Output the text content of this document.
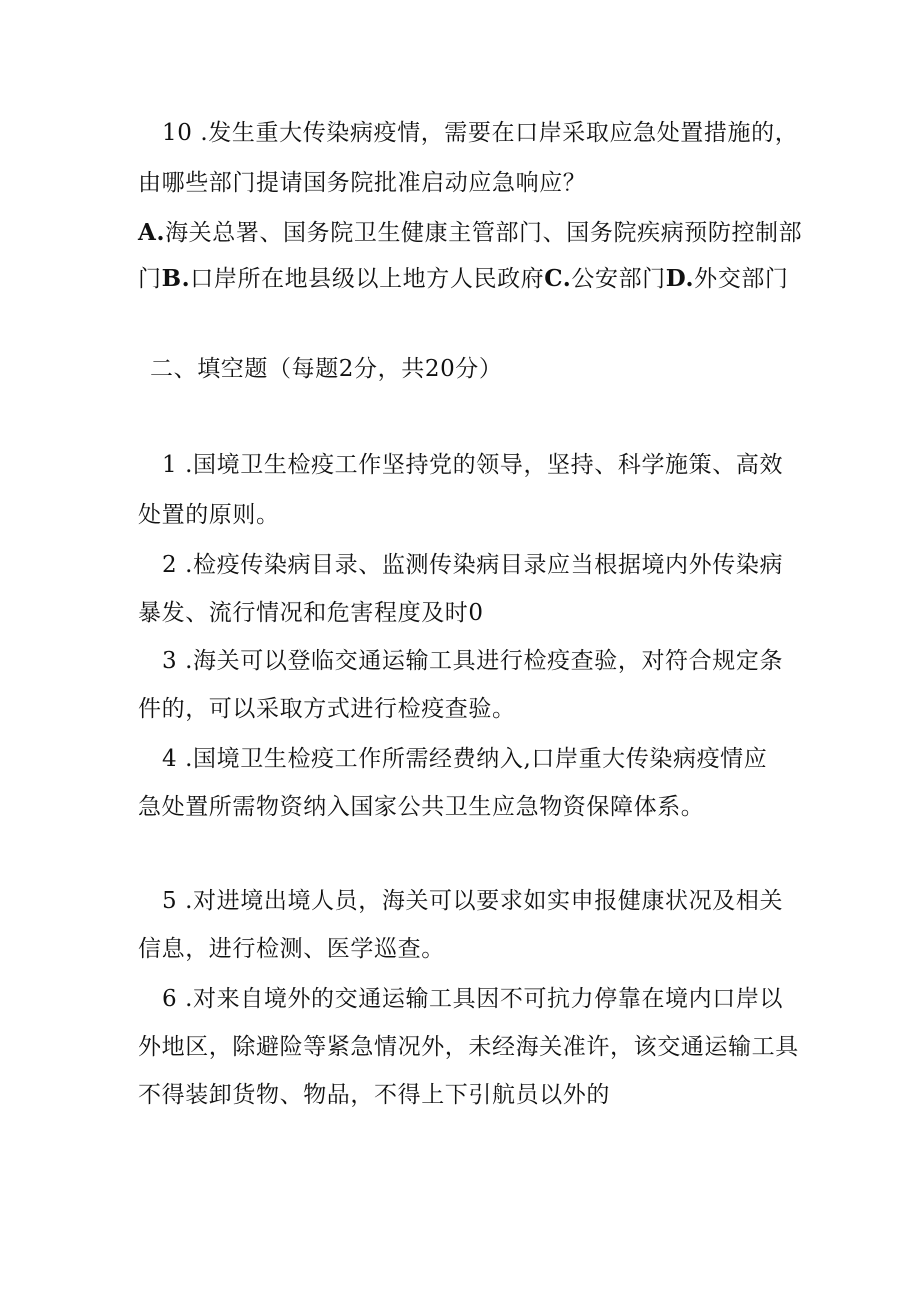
10 .发生重大传染病疫情，需要在口岸采取应急处置措施的，
由哪些部门提请国务院批准启动应急响应？
A.海关总署、国务院卫生健康主管部门、国务院疾病预防控制部
门B.口岸所在地县级以上地方人民政府C.公安部门D.外交部门
二、填空题（每题2分，共20分）
1 .国境卫生检疫工作坚持党的领导，坚持、科学施策、高效
处置的原则。
2 .检疫传染病目录、监测传染病目录应当根据境内外传染病
暴发、流行情况和危害程度及时0
3 .海关可以登临交通运输工具进行检疫查验，对符合规定条
件的，可以采取方式进行检疫查验。
4 .国境卫生检疫工作所需经费纳入,口岸重大传染病疫情应
急处置所需物资纳入国家公共卫生应急物资保障体系。
5 .对进境出境人员，海关可以要求如实申报健康状况及相关
信息，进行检测、医学巡查。
6 .对来自境外的交通运输工具因不可抗力停靠在境内口岸以
外地区，除避险等紧急情况外，未经海关准许，该交通运输工具
不得装卸货物、物品，不得上下引航员以外的
